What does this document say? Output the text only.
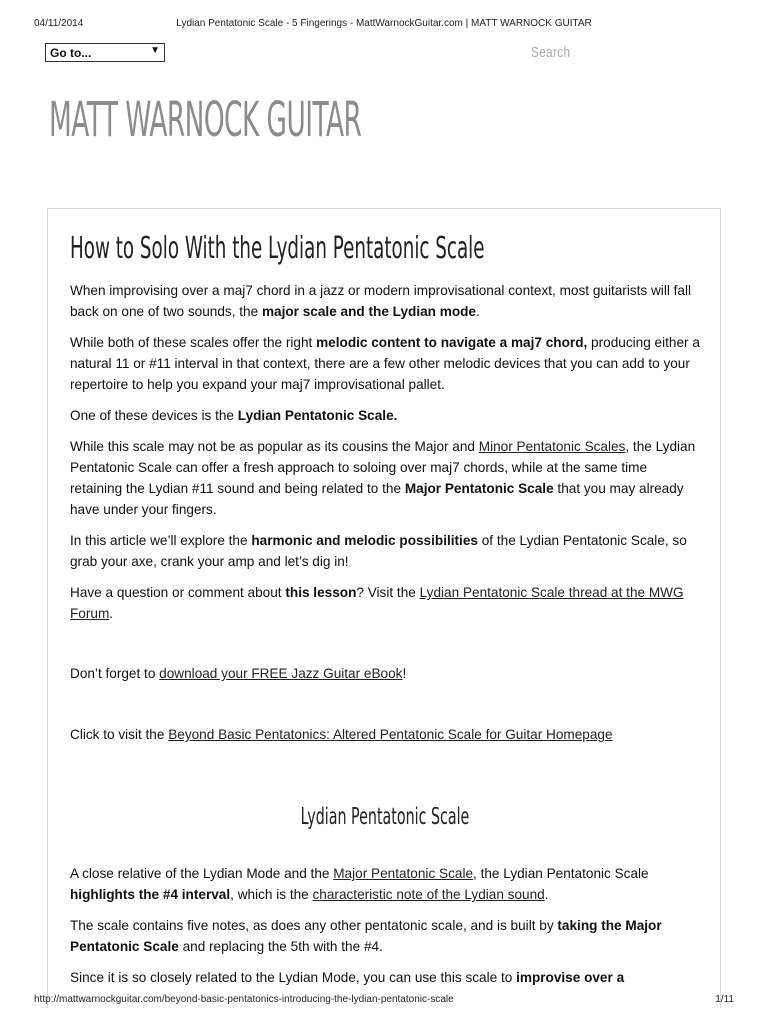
04/11/2014	Lydian Pentatonic Scale - 5 Fingerings - MattWarnockGuitar.com | MATT WARNOCK GUITAR
Go to...	▼	Search
MATT WARNOCK GUITAR
How to Solo With the Lydian Pentatonic Scale

When improvising over a maj7 chord in a jazz or modern improvisational context, most guitarists will fall back on one of two sounds, the major scale and the Lydian mode.

While both of these scales offer the right melodic content to navigate a maj7 chord, producing either a natural 11 or #11 interval in that context, there are a few other melodic devices that you can add to your repertoire to help you expand your maj7 improvisational pallet.

One of these devices is the Lydian Pentatonic Scale.

While this scale may not be as popular as its cousins the Major and Minor Pentatonic Scales, the Lydian Pentatonic Scale can offer a fresh approach to soloing over maj7 chords, while at the same time retaining the Lydian #11 sound and being related to the Major Pentatonic Scale that you may already have under your fingers.

In this article we’ll explore the harmonic and melodic possibilities of the Lydian Pentatonic Scale, so grab your axe, crank your amp and let’s dig in!

Have a question or comment about this lesson? Visit the Lydian Pentatonic Scale thread at the MWG Forum.

Don’t forget to download your FREE Jazz Guitar eBook!

Click to visit the Beyond Basic Pentatonics: Altered Pentatonic Scale for Guitar Homepage

Lydian Pentatonic Scale

A close relative of the Lydian Mode and the Major Pentatonic Scale, the Lydian Pentatonic Scale highlights the #4 interval, which is the characteristic note of the Lydian sound.

The scale contains five notes, as does any other pentatonic scale, and is built by taking the Major Pentatonic Scale and replacing the 5th with the #4.

Since it is so closely related to the Lydian Mode, you can use this scale to improvise over a

http://mattwarnockguitar.com/beyond-basic-pentatonics-introducing-the-lydian-pentatonic-scale	1/11
